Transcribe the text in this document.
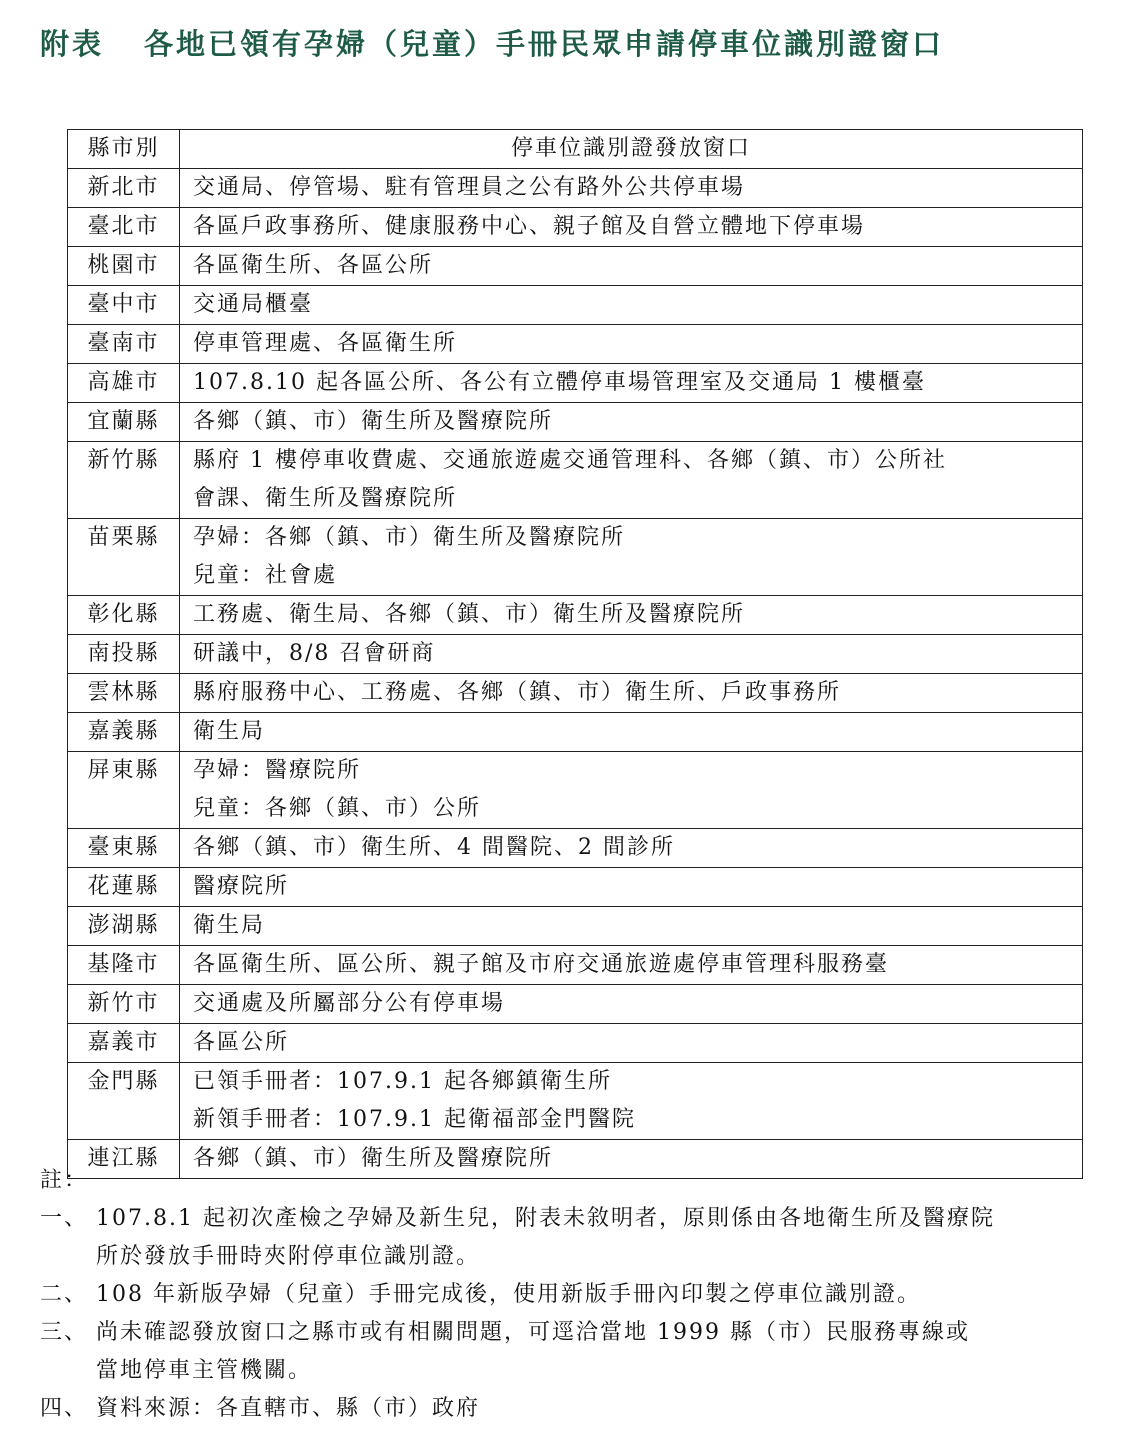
附表 各地已領有孕婦（兒童）手冊民眾申請停車位識別證窗口
縣市別	停車位識別證發放窗口
新北市	交通局、停管場、駐有管理員之公有路外公共停車場

臺北市	各區戶政事務所、健康服務中心、親子館及自營立體地下停車場

桃園市	各區衛生所、各區公所

臺中市	交通局櫃臺

臺南市	停車管理處、各區衛生所

高雄市	107.8.10 起各區公所、各公有立體停車場管理室及交通局 1 樓櫃臺

宜蘭縣	各鄉（鎮、市）衛生所及醫療院所

新竹縣	縣府 1 樓停車收費處、交通旅遊處交通管理科、各鄉（鎮、市）公所社
會課、衛生所及醫療院所

苗栗縣	孕婦：各鄉（鎮、市）衛生所及醫療院所
兒童：社會處

彰化縣	工務處、衛生局、各鄉（鎮、市）衛生所及醫療院所

南投縣	研議中，8/8 召會研商

雲林縣	縣府服務中心、工務處、各鄉（鎮、市）衛生所、戶政事務所

嘉義縣	衛生局

屏東縣	孕婦：醫療院所
兒童：各鄉（鎮、市）公所

臺東縣	各鄉（鎮、市）衛生所、4 間醫院、2 間診所

花蓮縣	醫療院所

澎湖縣	衛生局

基隆市	各區衛生所、區公所、親子館及市府交通旅遊處停車管理科服務臺

新竹市	交通處及所屬部分公有停車場

嘉義市	各區公所

金門縣	已領手冊者：107.9.1 起各鄉鎮衛生所
新領手冊者：107.9.1 起衛福部金門醫院

連江縣	各鄉（鎮、市）衛生所及醫療院所
註：
一、 107.8.1 起初次產檢之孕婦及新生兒，附表未敘明者，原則係由各地衛生所及醫療院
所於發放手冊時夾附停車位識別證。
二、 108 年新版孕婦（兒童）手冊完成後，使用新版手冊內印製之停車位識別證。
三、 尚未確認發放窗口之縣市或有相關問題，可逕洽當地 1999 縣（市）民服務專線或
當地停車主管機關。
四、 資料來源：各直轄市、縣（市）政府
